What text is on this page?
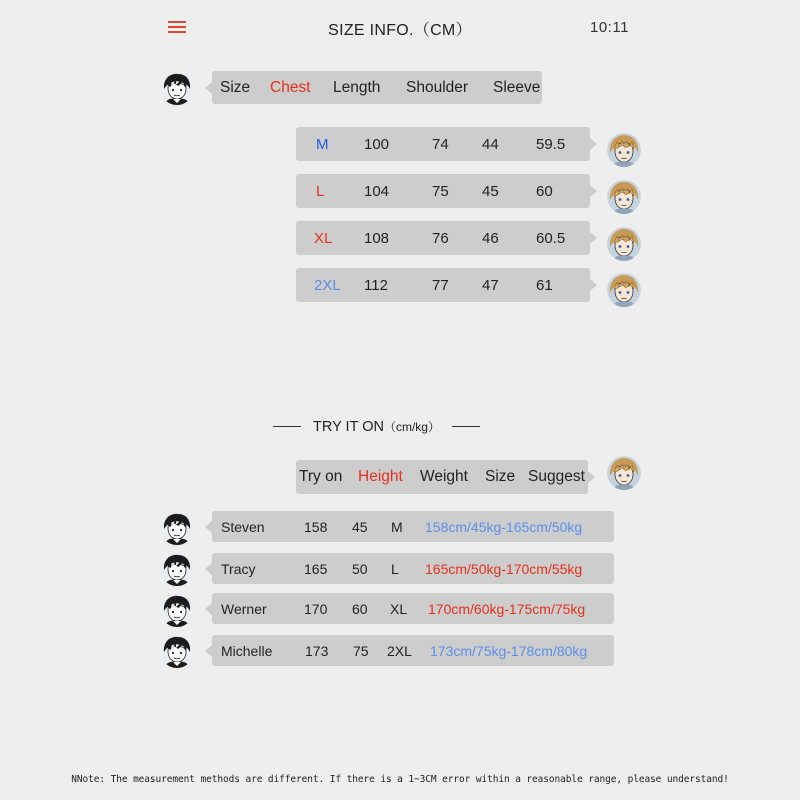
SIZE INFO.（CM）	10:11
Size Chest Length Shoulder Sleeve
M 100	74 44 59.5
L	104	75 45 60
XL 108	76 46 60.5
2XL 112	77 47 61
TRY IT ON（cm/kg）
Try on Height Weight Size Suggest
Steven	158 45 M 158cm/45kg-165cm/50kg
Tracy	165 50 L 165cm/50kg-170cm/55kg
Werner	170 60 XL 170cm/60kg-175cm/75kg
Michelle 173 75 2XL 173cm/75kg-178cm/80kg
NNote: The measurement methods are different. If there is a 1~3CM error within a reasonable range, please understand!
